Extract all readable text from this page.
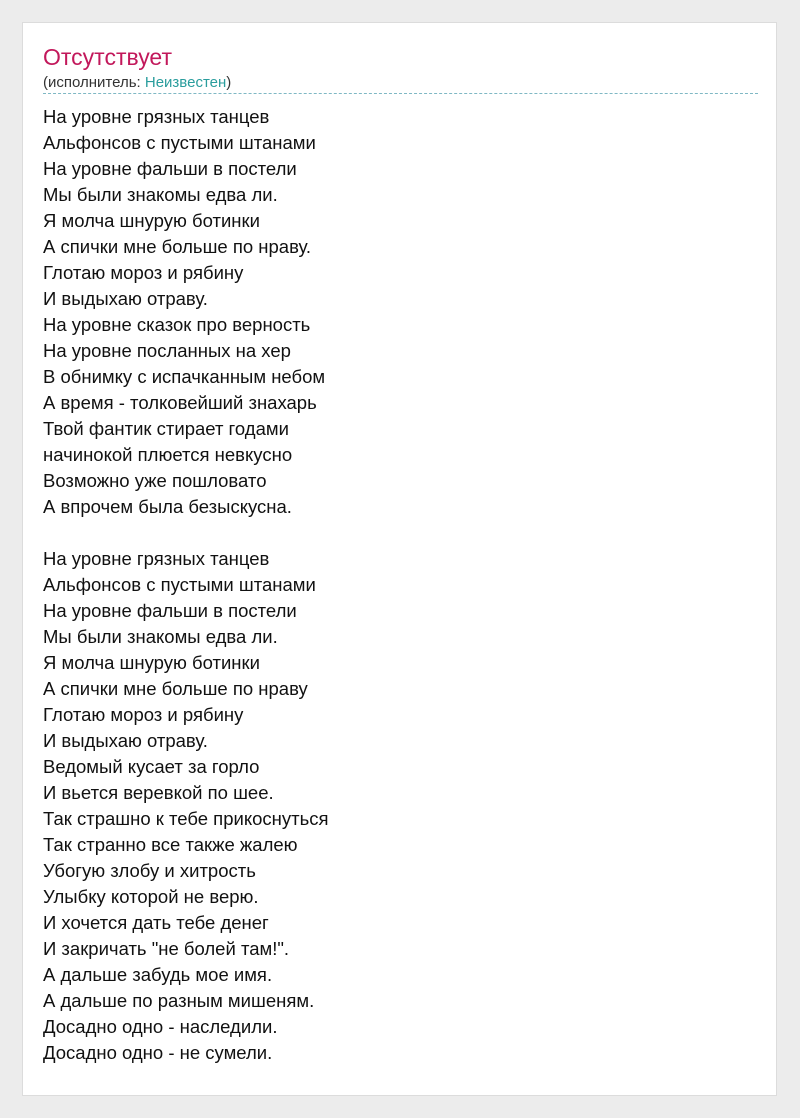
Отсутствует
(исполнитель: Неизвестен)
На уровне грязных танцев
Альфонсов с пустыми штанами
На уровне фальши в постели
Мы были знакомы едва ли.
Я молча шнурую ботинки
А спички мне больше по нраву.
Глотаю мороз и рябину
И выдыхаю отраву.
На уровне сказок про верность
На уровне посланных на хер
В обнимку с испачканным небом
А время - толковейший знахарь
Твой фантик стирает годами
начинокой плюется невкусно
Возможно уже пошловато
А впрочем была безыскусна.
На уровне грязных танцев
Альфонсов с пустыми штанами
На уровне фальши в постели
Мы были знакомы едва ли.
Я молча шнурую ботинки
А спички мне больше по нраву
Глотаю мороз и рябину
И выдыхаю отраву.
Ведомый кусает за горло
И вьется веревкой по шее.
Так страшно к тебе прикоснуться
Так странно все также жалею
Убогую злобу и хитрость
Улыбку которой не верю.
И хочется дать тебе денег
И закричать "не болей там!".
А дальше забудь мое имя.
А дальше по разным мишеням.
Досадно одно - наследили.
Досадно одно - не сумели.
